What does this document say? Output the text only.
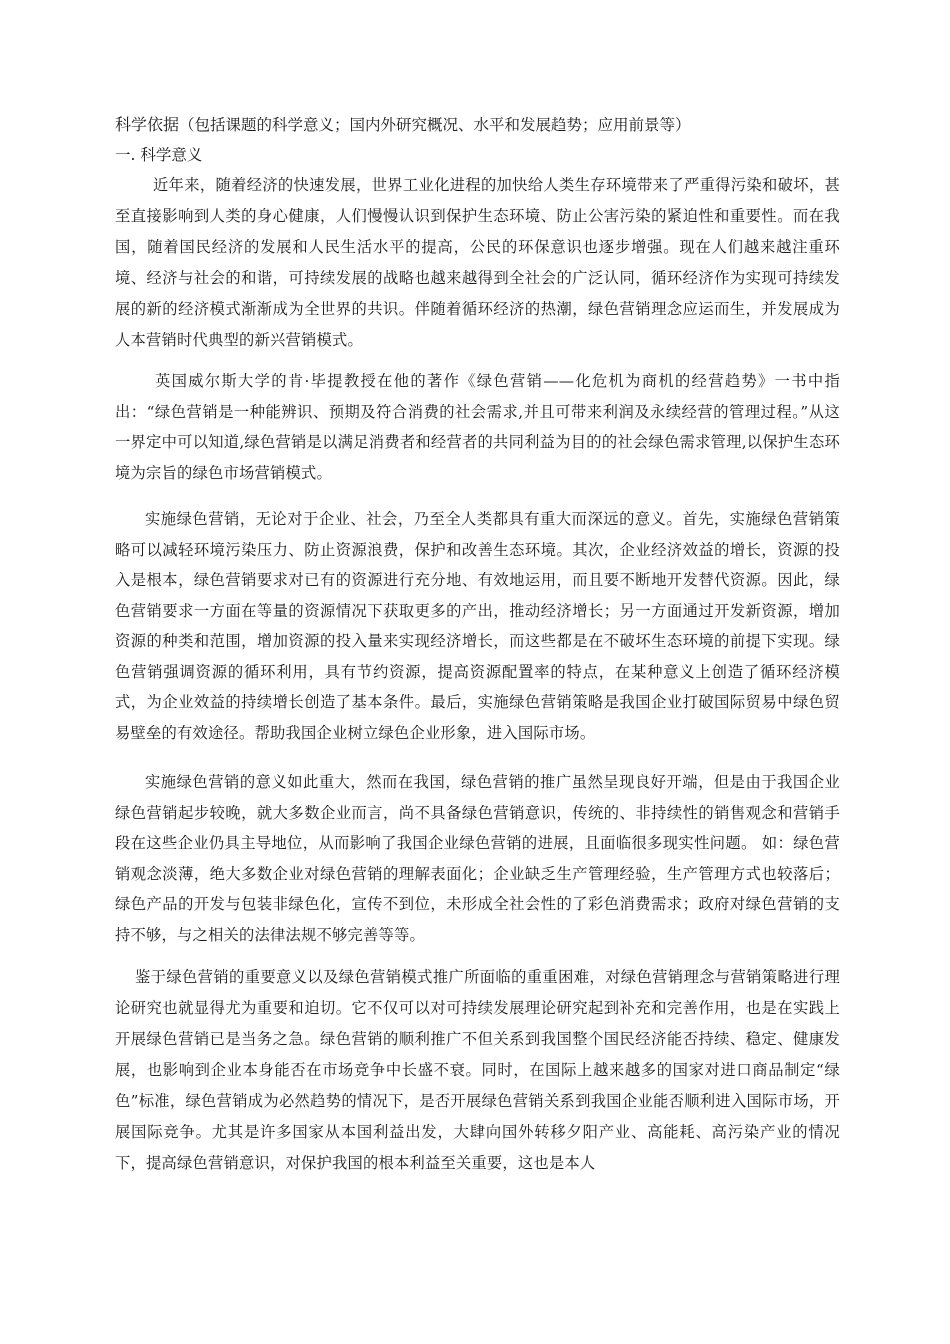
科学依据（包括课题的科学意义；国内外研究概况、水平和发展趋势；应用前景等）

一. 科学意义

近年来，随着经济的快速发展，世界工业化进程的加快给人类生存环境带来了严重得污染和破坏，甚至直接影响到人类的身心健康，人们慢慢认识到保护生态环境、防止公害污染的紧迫性和重要性。而在我国，随着国民经济的发展和人民生活水平的提高，公民的环保意识也逐步增强。现在人们越来越注重环境、经济与社会的和谐，可持续发展的战略也越来越得到全社会的广泛认同，循环经济作为实现可持续发展的新的经济模式渐渐成为全世界的共识。伴随着循环经济的热潮，绿色营销理念应运而生，并发展成为人本营销时代典型的新兴营销模式。

英国威尔斯大学的肯·毕提教授在他的著作《绿色营销——化危机为商机的经营趋势》一书中指出：“绿色营销是一种能辨识、预期及符合消费的社会需求,并且可带来利润及永续经营的管理过程。”从这一界定中可以知道,绿色营销是以满足消费者和经营者的共同利益为目的的社会绿色需求管理,以保护生态环境为宗旨的绿色市场营销模式。

实施绿色营销，无论对于企业、社会，乃至全人类都具有重大而深远的意义。首先，实施绿色营销策略可以减轻环境污染压力、防止资源浪费，保护和改善生态环境。其次，企业经济效益的增长，资源的投入是根本，绿色营销要求对已有的资源进行充分地、有效地运用，而且要不断地开发替代资源。因此，绿色营销要求一方面在等量的资源情况下获取更多的产出，推动经济增长；另一方面通过开发新资源，增加资源的种类和范围，增加资源的投入量来实现经济增长，而这些都是在不破坏生态环境的前提下实现。绿色营销强调资源的循环利用，具有节约资源，提高资源配置率的特点，在某种意义上创造了循环经济模式，为企业效益的持续增长创造了基本条件。最后，实施绿色营销策略是我国企业打破国际贸易中绿色贸易壁垒的有效途径。帮助我国企业树立绿色企业形象，进入国际市场。

实施绿色营销的意义如此重大，然而在我国，绿色营销的推广虽然呈现良好开端，但是由于我国企业绿色营销起步较晚，就大多数企业而言，尚不具备绿色营销意识，传统的、非持续性的销售观念和营销手段在这些企业仍具主导地位，从而影响了我国企业绿色营销的进展，且面临很多现实性问题。 如：绿色营销观念淡薄，绝大多数企业对绿色营销的理解表面化；企业缺乏生产管理经验，生产管理方式也较落后；绿色产品的开发与包装非绿色化，宣传不到位，未形成全社会性的了彩色消费需求；政府对绿色营销的支持不够，与之相关的法律法规不够完善等等。

鉴于绿色营销的重要意义以及绿色营销模式推广所面临的重重困难，对绿色营销理念与营销策略进行理论研究也就显得尤为重要和迫切。它不仅可以对可持续发展理论研究起到补充和完善作用，也是在实践上开展绿色营销已是当务之急。绿色营销的顺利推广不但关系到我国整个国民经济能否持续、稳定、健康发展，也影响到企业本身能否在市场竞争中长盛不衰。同时，在国际上越来越多的国家对进口商品制定“绿色”标准，绿色营销成为必然趋势的情况下，是否开展绿色营销关系到我国企业能否顺利进入国际市场，开展国际竞争。尤其是许多国家从本国利益出发，大肆向国外转移夕阳产业、高能耗、高污染产业的情况下，提高绿色营销意识，对保护我国的根本利益至关重要，这也是本人
